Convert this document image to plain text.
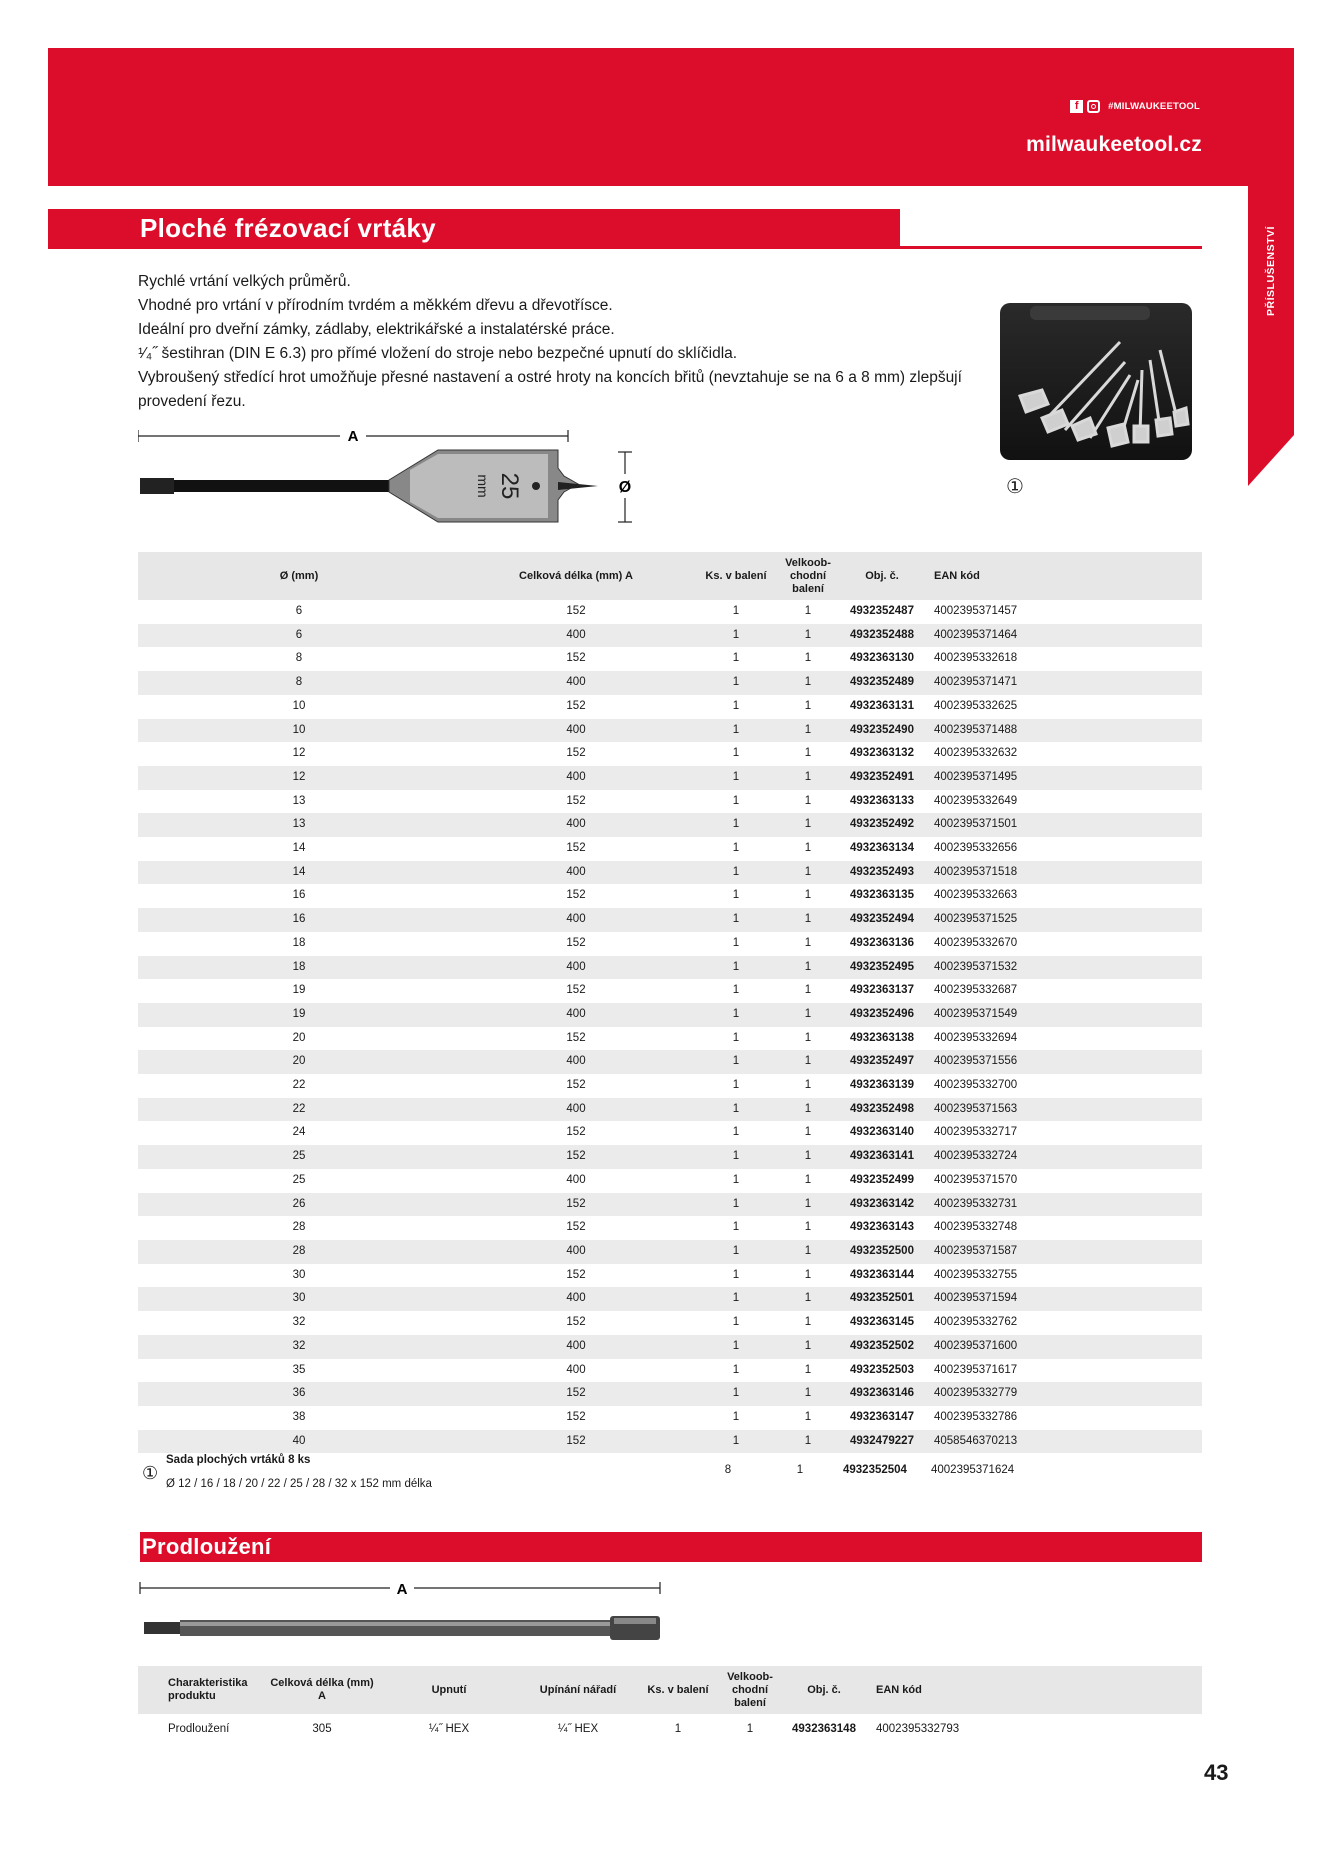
f	#MILWAUKEETOOL
milwaukeetool.cz
PŘÍSLUŠENSTVÍ
Ploché frézovací vrtáky

Rychlé vrtání velkých průměrů.

Vhodné pro vrtání v přírodním tvrdém a měkkém dřevu a dřevotřísce.

Ideální pro dveřní zámky, zádlaby, elektrikářské a instalatérské práce.

¹⁄₄˝ šestihran (DIN E 6.3) pro přímé vložení do stroje nebo bezpečné upnutí do sklíčidla.

Vybroušený středící hrot umožňuje přesné nastavení a ostré hroty na koncích břitů (nevztahuje se na 6 a 8 mm) zlepšují provedení řezu.

A
25
mm	Ø	①
Ø (mm)	Celková délka (mm) A	Ks. v balení	Velkoob-chodní balení	Obj. č.	EAN kód	
6	152	1	1	4932352487	4002395371457	
6	400	1	1	4932352488	4002395371464	
8	152	1	1	4932363130	4002395332618	
8	400	1	1	4932352489	4002395371471	
10	152	1	1	4932363131	4002395332625	
10	400	1	1	4932352490	4002395371488	
12	152	1	1	4932363132	4002395332632	
12	400	1	1	4932352491	4002395371495	
13	152	1	1	4932363133	4002395332649	
13	400	1	1	4932352492	4002395371501	
14	152	1	1	4932363134	4002395332656	
14	400	1	1	4932352493	4002395371518	
16	152	1	1	4932363135	4002395332663	
16	400	1	1	4932352494	4002395371525	
18	152	1	1	4932363136	4002395332670	
18	400	1	1	4932352495	4002395371532	
19	152	1	1	4932363137	4002395332687	
19	400	1	1	4932352496	4002395371549	
20	152	1	1	4932363138	4002395332694	
20	400	1	1	4932352497	4002395371556	
22	152	1	1	4932363139	4002395332700	
22	400	1	1	4932352498	4002395371563	
24	152	1	1	4932363140	4002395332717	
25	152	1	1	4932363141	4002395332724	
25	400	1	1	4932352499	4002395371570	
26	152	1	1	4932363142	4002395332731	
28	152	1	1	4932363143	4002395332748	
28	400	1	1	4932352500	4002395371587	
30	152	1	1	4932363144	4002395332755	
30	400	1	1	4932352501	4002395371594	
32	152	1	1	4932363145	4002395332762	
32	400	1	1	4932352502	4002395371600	
35	400	1	1	4932352503	4002395371617	
36	152	1	1	4932363146	4002395332779	
38	152	1	1	4932363147	4002395332786	
40	152	1	1	4932479227	4058546370213	
①
Sada plochých vrtáků 8 ks
Ø 12 / 16 / 18 / 20 / 22 / 25 / 28 / 32 x 152 mm délka
8	1	4932352504 4002395371624
Prodloužení
A
Charakteristika produktu	Celková délka (mm) A	Upnutí	Upínání nářadí	Ks. v balení	Velkoob-chodní balení	Obj. č.	EAN kód	
Prodloužení	305	¼˝ HEX	¼˝ HEX	1	1	4932363148	4002395332793	
43
